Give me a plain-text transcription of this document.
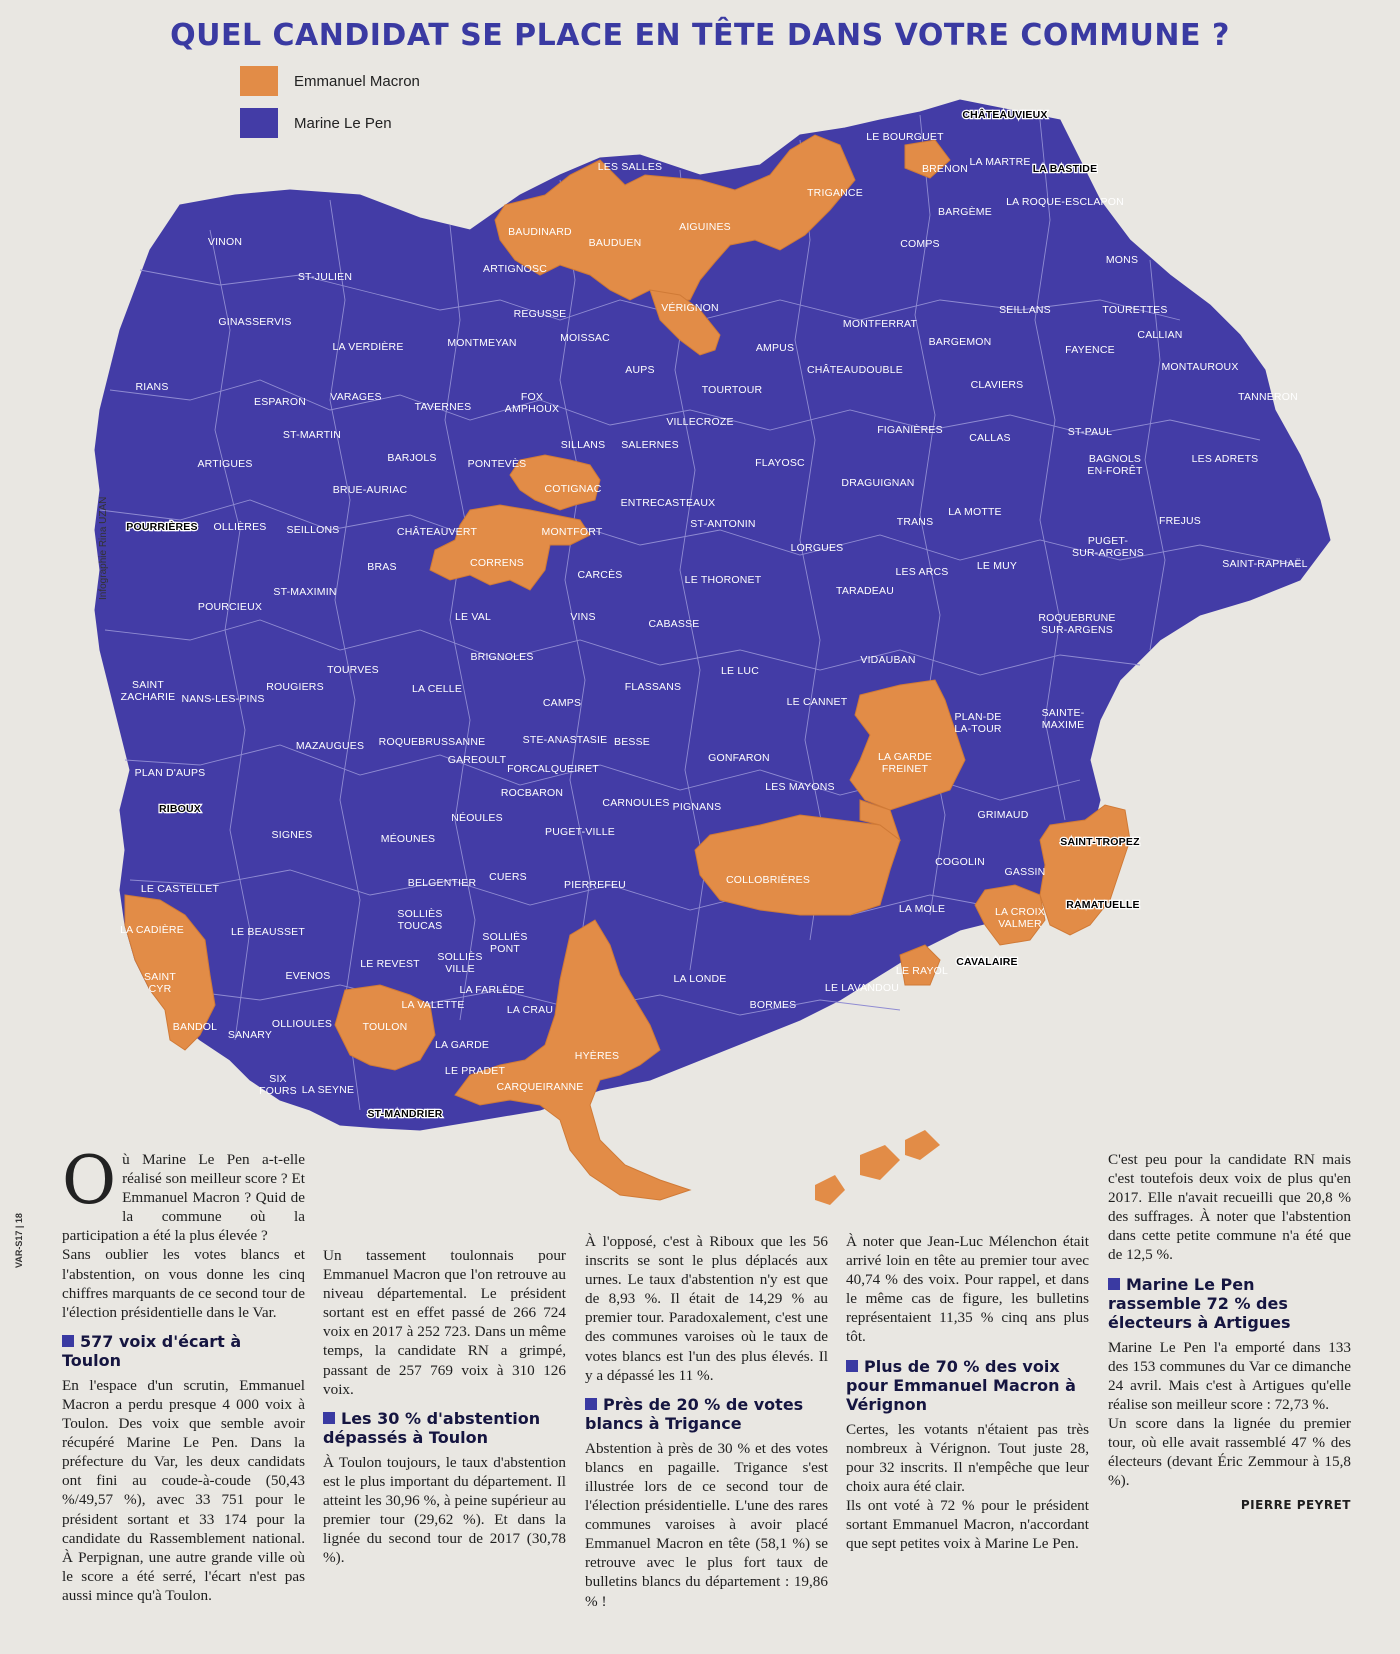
QUEL CANDIDAT SE PLACE EN TÊTE DANS VOTRE COMMUNE ?
Emmanuel Macron
Marine Le Pen
LES SALLES
AIGUINES
TRIGANCE
BAUDINARD
BAUDUEN
VÉRIGNON
LE BOURGUET
CHÂTEAUVIEUX
BRENON
LA MARTRE
LA BASTIDE
BARGÈME
LA ROQUE-ESCLAPON
COMPS
MONS
VINON
ST-JULIEN
ARTIGNOSC
REGUSSE
GINASSERVIS
LA VERDIÈRE	MONTMEYAN	MOISSAC
AUPS
AMPUS
MONTFERRAT
BARGEMON
SEILLANS	TOURETTES
CALLIAN
FAYENCE
MONTAUROUX
TANNERON
CHÂTEAUDOUBLE
CLAVIERS
RIANS
ESPARON VARAGES
TAVERNES
FOX
AMPHOUX
TOURTOUR
VILLECROZE
SILLANS SALERNES
FIGANIÈRES
CALLAS	ST-PAUL
BAGNOLS
EN-FORÊT
LES ADRETS
ST-MARTIN
BARJOLS	PONTEVÈS
ARTIGUES
BRUE-AURIAC
FLAYOSC
DRAGUIGNAN
COTIGNAC
ENTRECASTEAUX
ST-ANTONIN	TRANS
LA MOTTE
FREJUS
POURRIÈRES OLLIÈRES SEILLONS	CHÂTEAUVERT	MONTFORT
CORRENS
LORGUES
PUGET-
SUR-ARGENS
SAINT-RAPHAËL
BRAS
CARCÈS	LE THORONET
LES ARCS	LE MUY
POURCIEUX
ST-MAXIMIN	TARADEAU
LE VAL	VINS
CABASSE	ROQUEBRUNE
SUR-ARGENS
VIDAUBAN
TOURVES
BRIGNOLES
LE LUC
SAINT
ZACHARIE NANS-LES-PINS
ROUGIERS	LA CELLE
CAMPS
FLASSANS
LE CANNET
PLAN-DE
LA-TOUR
SAINTE-
MAXIME
LA GARDE
FREINET
MAZAUGUES ROQUEBRUSSANNE
GAREOULT
STE-ANASTASIE BESSE
GONFARON
FORCALQUEIRET
PLAN D'AUPS
ROCBARON
CARNOULES PIGNANS
LES MAYONS
RIBOUX
NÉOULES
PUGET-VILLE
GRIMAUD
SAINT-TROPEZ
SIGNES	MÉOUNES
COGOLIN
GASSIN
LE CASTELLET	BELGENTIER CUERS
PIERREFEU	COLLOBRIÈRES
LA MOLE	RAMATUELLE
LA CROIX
VALMER
LA CADIÈRE
SOLLIÈS
TOUCAS
LE BEAUSSET	SOLLIÈS
PONT
SOLLIÈS
VILLE
SAINT
CYR
LE RAYOL
CAVALAIRE
EVENOS
LE REVEST
LA FARLÈDE
LA LONDE
LE LAVANDOU
LA VALETTE	BORMES
BANDOL	OLLIOULES
LA CRAU
TOULON
SANARY
HYÈRES
LA GARDE
LE PRADET
CARQUEIRANNE
SIX
FOURS LA SEYNE
ST-MANDRIER
Infographie Rina UZAN
VAR-S17 | 18

Où Marine Le Pen a-t-elle réalisé son meilleur score ? Et Emmanuel Macron ? Quid de la commune où la participation a été la plus élevée ?

Sans oublier les votes blancs et l'abstention, on vous donne les cinq chiffres marquants de ce second tour de l'élection présidentielle dans le Var.

577 voix d'écart à Toulon

En l'espace d'un scrutin, Emmanuel Macron a perdu presque 4 000 voix à Toulon. Des voix que semble avoir récupéré Marine Le Pen. Dans la préfecture du Var, les deux candidats ont fini au coude-à-coude (50,43 %/49,57 %), avec 33 751 pour le président sortant et 33 174 pour la candidate du Rassemblement national. À Perpignan, une autre grande ville où le score a été serré, l'écart n'est pas aussi mince qu'à Toulon.

Un tassement toulonnais pour Emmanuel Macron que l'on retrouve au niveau départemental. Le président sortant est en effet passé de 266 724 voix en 2017 à 252 723. Dans un même temps, la candidate RN a grimpé, passant de 257 769 voix à 310 126 voix.

Les 30 % d'abstention dépassés à Toulon

À Toulon toujours, le taux d'abstention est le plus important du département. Il atteint les 30,96 %, à peine supérieur au premier tour (29,62 %). Et dans la lignée du second tour de 2017 (30,78 %).

À l'opposé, c'est à Riboux que les 56 inscrits se sont le plus déplacés aux urnes. Le taux d'abstention n'y est que de 8,93 %. Il était de 14,29 % au premier tour. Paradoxalement, c'est une des communes varoises où le taux de votes blancs est l'un des plus élevés. Il y a dépassé les 11 %.

Près de 20 % de votes blancs à Trigance

Abstention à près de 30 % et des votes blancs en pagaille. Trigance s'est illustrée lors de ce second tour de l'élection présidentielle. L'une des rares communes varoises à avoir placé Emmanuel Macron en tête (58,1 %) se retrouve avec le plus fort taux de bulletins blancs du département : 19,86 % !

À noter que Jean-Luc Mélenchon était arrivé loin en tête au premier tour avec 40,74 % des voix. Pour rappel, et dans le même cas de figure, les bulletins représentaient 11,35 % cinq ans plus tôt.

Plus de 70 % des voix pour Emmanuel Macron à Vérignon

Certes, les votants n'étaient pas très nombreux à Vérignon. Tout juste 28, pour 32 inscrits. Il n'empêche que leur choix aura été clair.

Ils ont voté à 72 % pour le président sortant Emmanuel Macron, n'accordant que sept petites voix à Marine Le Pen.

C'est peu pour la candidate RN mais c'est toutefois deux voix de plus qu'en 2017. Elle n'avait recueilli que 20,8 % des suffrages. À noter que l'abstention dans cette petite commune n'a été que de 12,5 %.

Marine Le Pen rassemble 72 % des électeurs à Artigues

Marine Le Pen l'a emporté dans 133 des 153 communes du Var ce dimanche 24 avril. Mais c'est à Artigues qu'elle réalise son meilleur score : 72,73 %.

Un score dans la lignée du premier tour, où elle avait rassemblé 47 % des électeurs (devant Éric Zemmour à 15,8 %).

PIERRE PEYRET
